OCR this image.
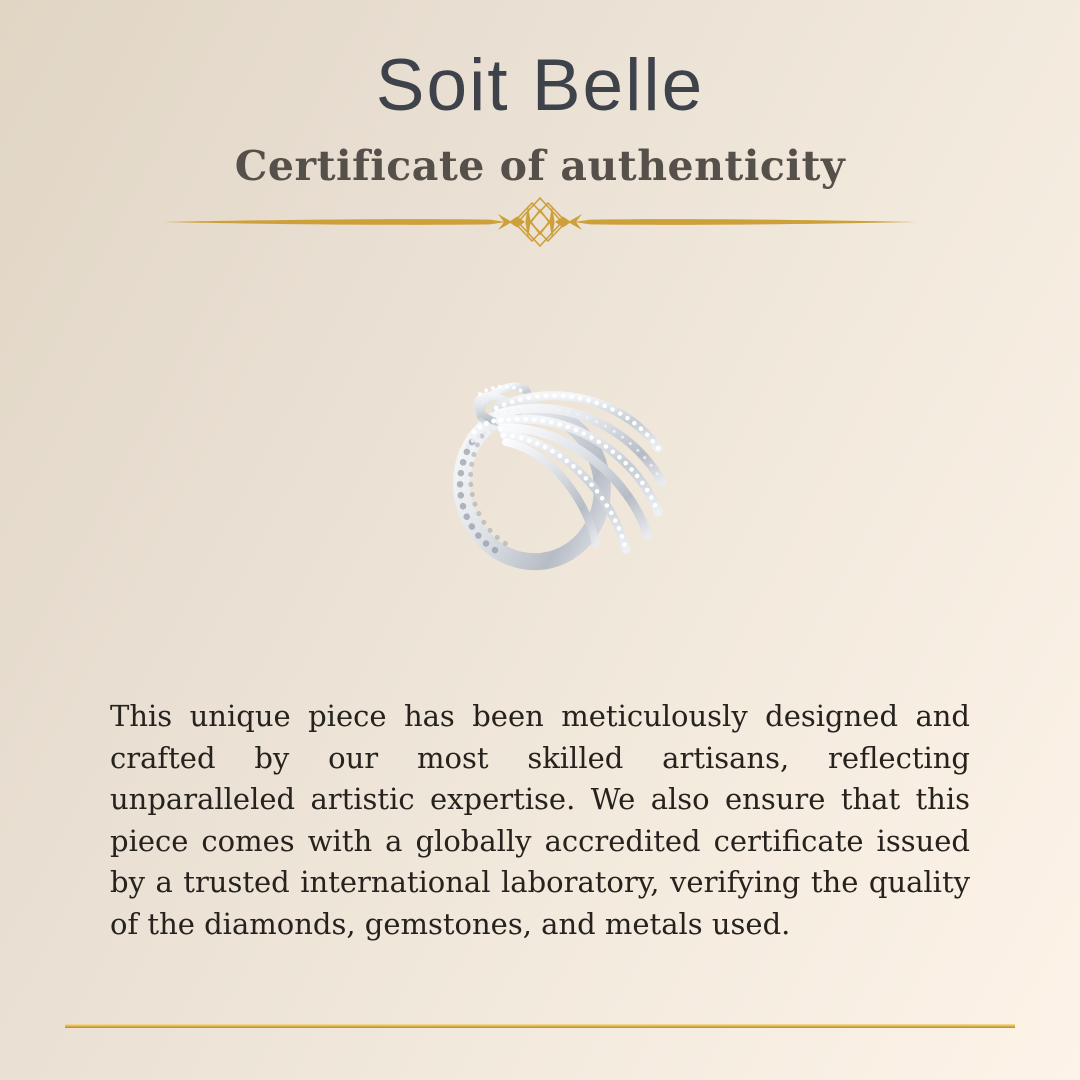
Soit Belle
Certificate of authenticity

This unique piece has been meticulously designed and crafted by our most skilled artisans, reflecting unparalleled artistic expertise. We also ensure that this piece comes with a globally accredited certificate issued by a trusted international laboratory, verifying the quality of the diamonds, gemstones, and metals used.
